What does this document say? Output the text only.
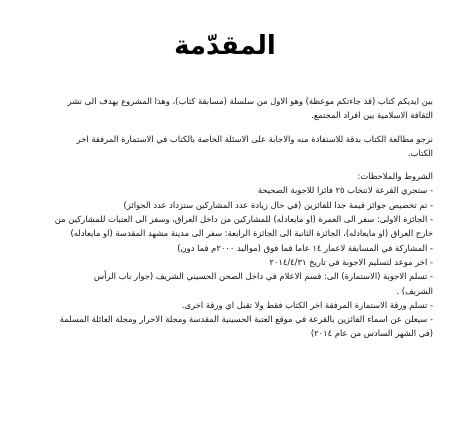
المقدّمة

بين ايديكم كتاب (قد جاءتكم موعظة) وهو الاول من سلسلة (مسابقة كتاب)، وهذا المشروع يهدف الى نشر
الثقافة الاسلامية بين افراد المجتمع.

نرجو مطالعة الكتاب بدقة للاستفادة منه والاجابة على الاسئلة الخاصة بالكتاب في الاستمارة المرفقة اخر
الكتاب.

الشروط والملاحظات:

- ستجري القرعة لانتخاب ٢٥ فائزا للاجوبة الصحيحة
- تم تخصيص جوائز قيمة جدا للفائزين (في حال زيادة عدد المشاركين ستزداد عدد الجوائز)
- الجائزة الاولى: سفر الى العمرة (او مايعادله) للمشاركين من داخل العراق، وسفر الى العتبات للمشاركين من
خارج العراق (او مايعادله)، الجائزة الثانية الى الجائزة الرابعة: سفر الى مدينة مشهد المقدسة (او مايعادله)
- المشاركة في المسابقة لاعمار ١٤ عاما فما فوق (مواليد ٢٠٠٠م فما دون)
- اخر موعد لتسليم الاجوبة في تاريخ ٢٠١٤/٤/٣١
- تسلم الاجوبة (الاستمارة) الى: قسم الاعلام في داخل الصحن الحسيني الشريف (جوار باب الرأس
الشريف) .
- تسلم ورقة الاستمارة المرفقة اخر الكتاب فقط ولا تقبل اي ورقة اخرى.
- سيعلن عن اسماء الفائزين بالقرعة في موقع العتبة الحسينية المقدسة ومجلة الاحرار ومجلة العائلة المسلمة
(في الشهر السادس من عام ٢٠١٤)
